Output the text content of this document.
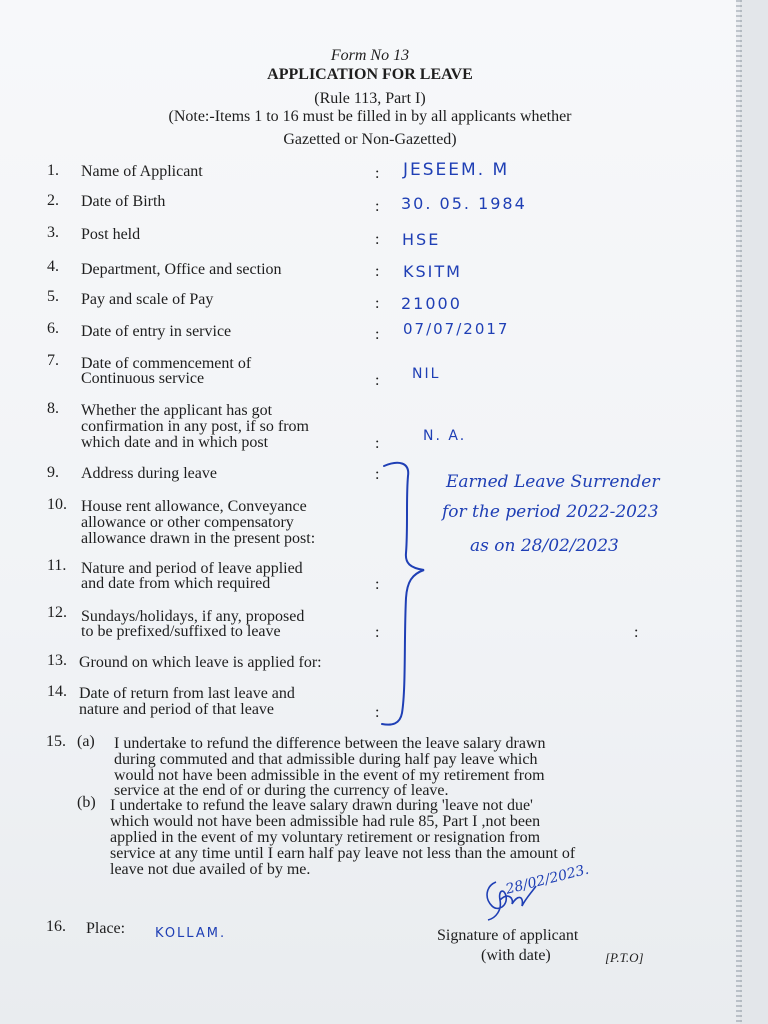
Form No 13
APPLICATION FOR LEAVE
(Rule 113, Part I)
(Note:-Items 1 to 16 must be filled in by all applicants whether
Gazetted or Non-Gazetted)
1. Name of Applicant	: JESEEM. M
2. Date of Birth	: 30. 05. 1984
3. Post held	: HSE
4. Department, Office and section	: KSITM
5. Pay and scale of Pay	: 21000
6. Date of entry in service	: 07/07/2017
7. Date of commencement of
Continuous service	: NIL
8. Whether the applicant has got
confirmation in any post, if so from
which date and in which post	:	N. A.
9. Address during leave	:
10. House rent allowance, Conveyance
allowance or other compensatory
allowance drawn in the present post:
11. Nature and period of leave applied
and date from which required	:
12. Sundays/holidays, if any, proposed
to be prefixed/suffixed to leave	:	:
13. Ground on which leave is applied for:
14. Date of return from last leave and
nature and period of that leave	:
Earned Leave Surrender
for the period 2022-2023
as on 28/02/2023
15. (a) I undertake to refund the difference between the leave salary drawn
during commuted and that admissible during half pay leave which
would not have been admissible in the event of my retirement from
service at the end of or during the currency of leave.
(b) I undertake to refund the leave salary drawn during 'leave not due'
which would not have been admissible had rule 85, Part I ,not been
applied in the event of my voluntary retirement or resignation from
service at any time until I earn half pay leave not less than the amount of
leave not due availed of by me.	28/02/2023.
16. Place: KOLLAM.	Signature of applicant
(with date)	[P.T.O]
